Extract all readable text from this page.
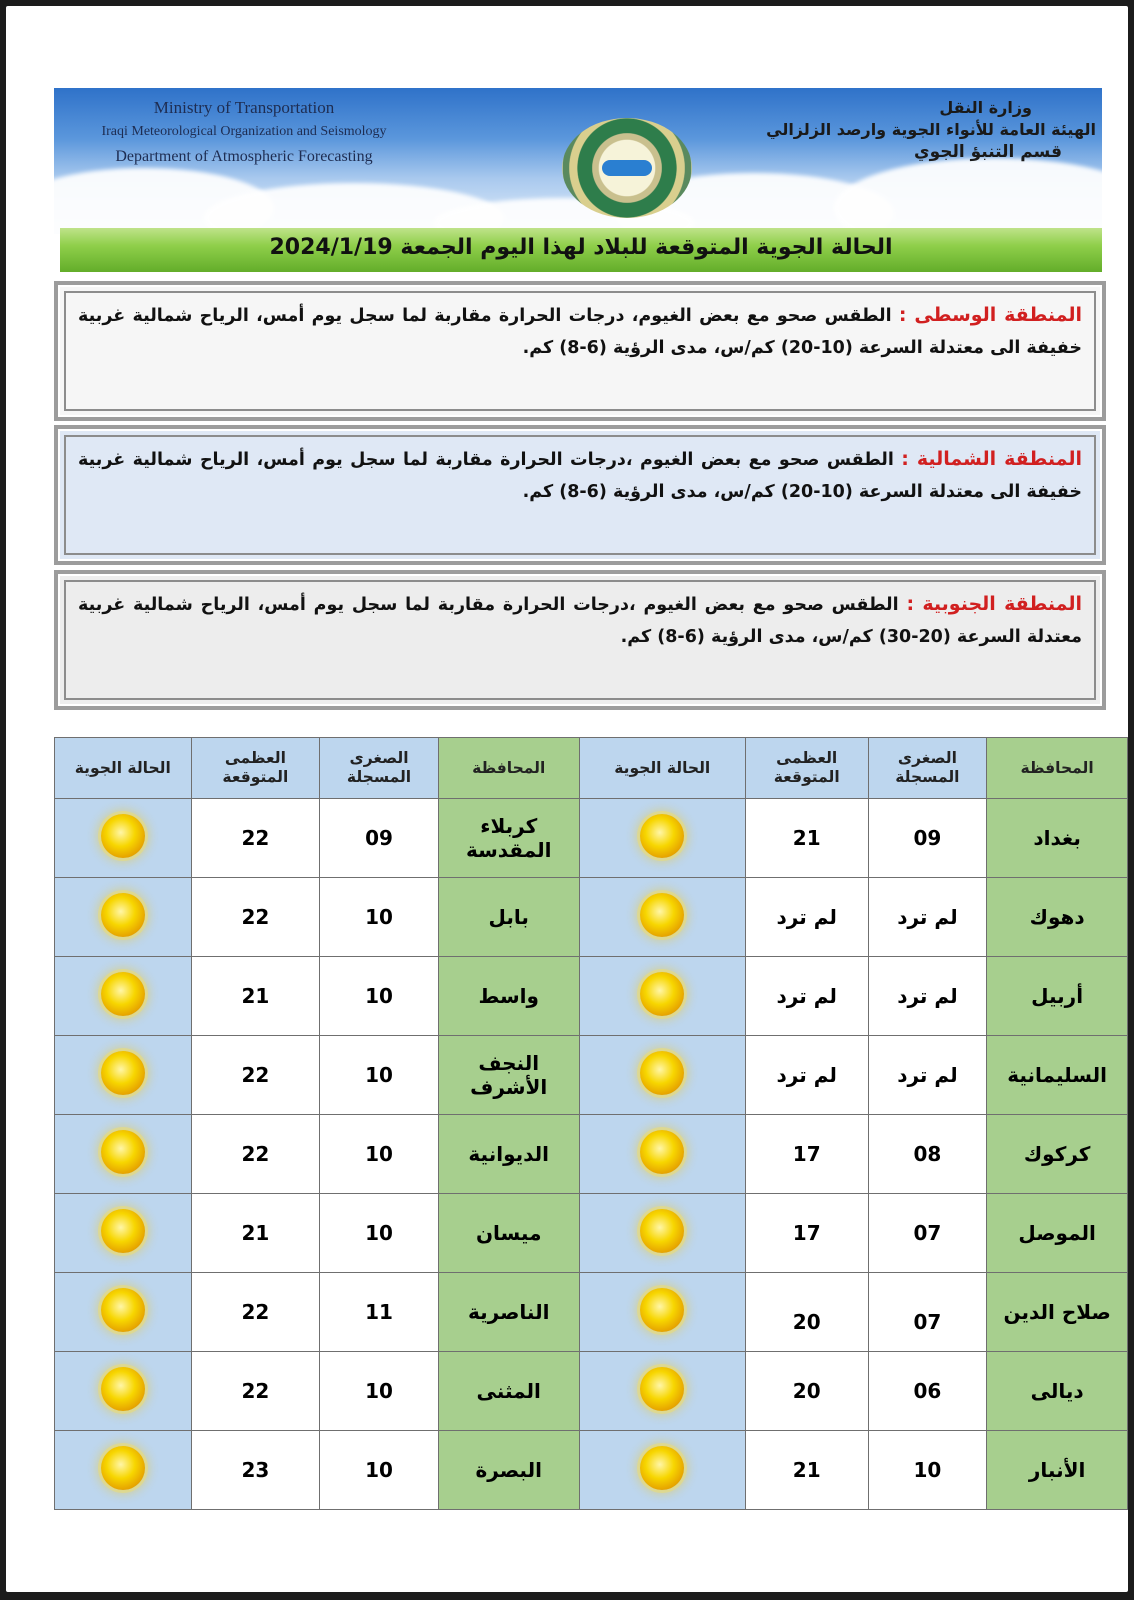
Ministry of Transportation
Iraqi Meteorological Organization and Seismology
Department of Atmospheric Forecasting
وزارة النقل
الهيئة العامة للأنواء الجوية وارصد الزلزالي
قسم التنبؤ الجوي
الحالة الجوية المتوقعة للبلاد لهذا اليوم الجمعة 2024/1/19
المنطقة الوسطى : الطقس صحو مع بعض الغيوم، درجات الحرارة مقاربة لما سجل يوم أمس، الرياح شمالية غربية خفيفة الى معتدلة السرعة (10-20) كم/س، مدى الرؤية (6-8) كم.
المنطقة الشمالية : الطقس صحو مع بعض الغيوم ،درجات الحرارة مقاربة لما سجل يوم أمس، الرياح شمالية غربية خفيفة الى معتدلة السرعة (10-20) كم/س، مدى الرؤية (6-8) كم.
المنطقة الجنوبية : الطقس صحو مع بعض الغيوم ،درجات الحرارة مقاربة لما سجل يوم أمس، الرياح شمالية غربية معتدلة السرعة (20-30) كم/س، مدى الرؤية (6-8) كم.
المحافظة	الصغرى المسجلة	العظمى المتوقعة	الحالة الجوية	المحافظة	الصغرى المسجلة	العظمى المتوقعة	الحالة الجوية
بغداد	09	21		كربلاء المقدسة	09	22	
دهوك	لم ترد	لم ترد		بابل	10	22	
أربيل	لم ترد	لم ترد		واسط	10	21	
السليمانية	لم ترد	لم ترد		النجف الأشرف	10	22	
كركوك	08	17		الديوانية	10	22	
الموصل	07	17		ميسان	10	21	
صلاح الدين	07	20		الناصرية	11	22	
ديالى	06	20		المثنى	10	22	
الأنبار	10	21		البصرة	10	23	
